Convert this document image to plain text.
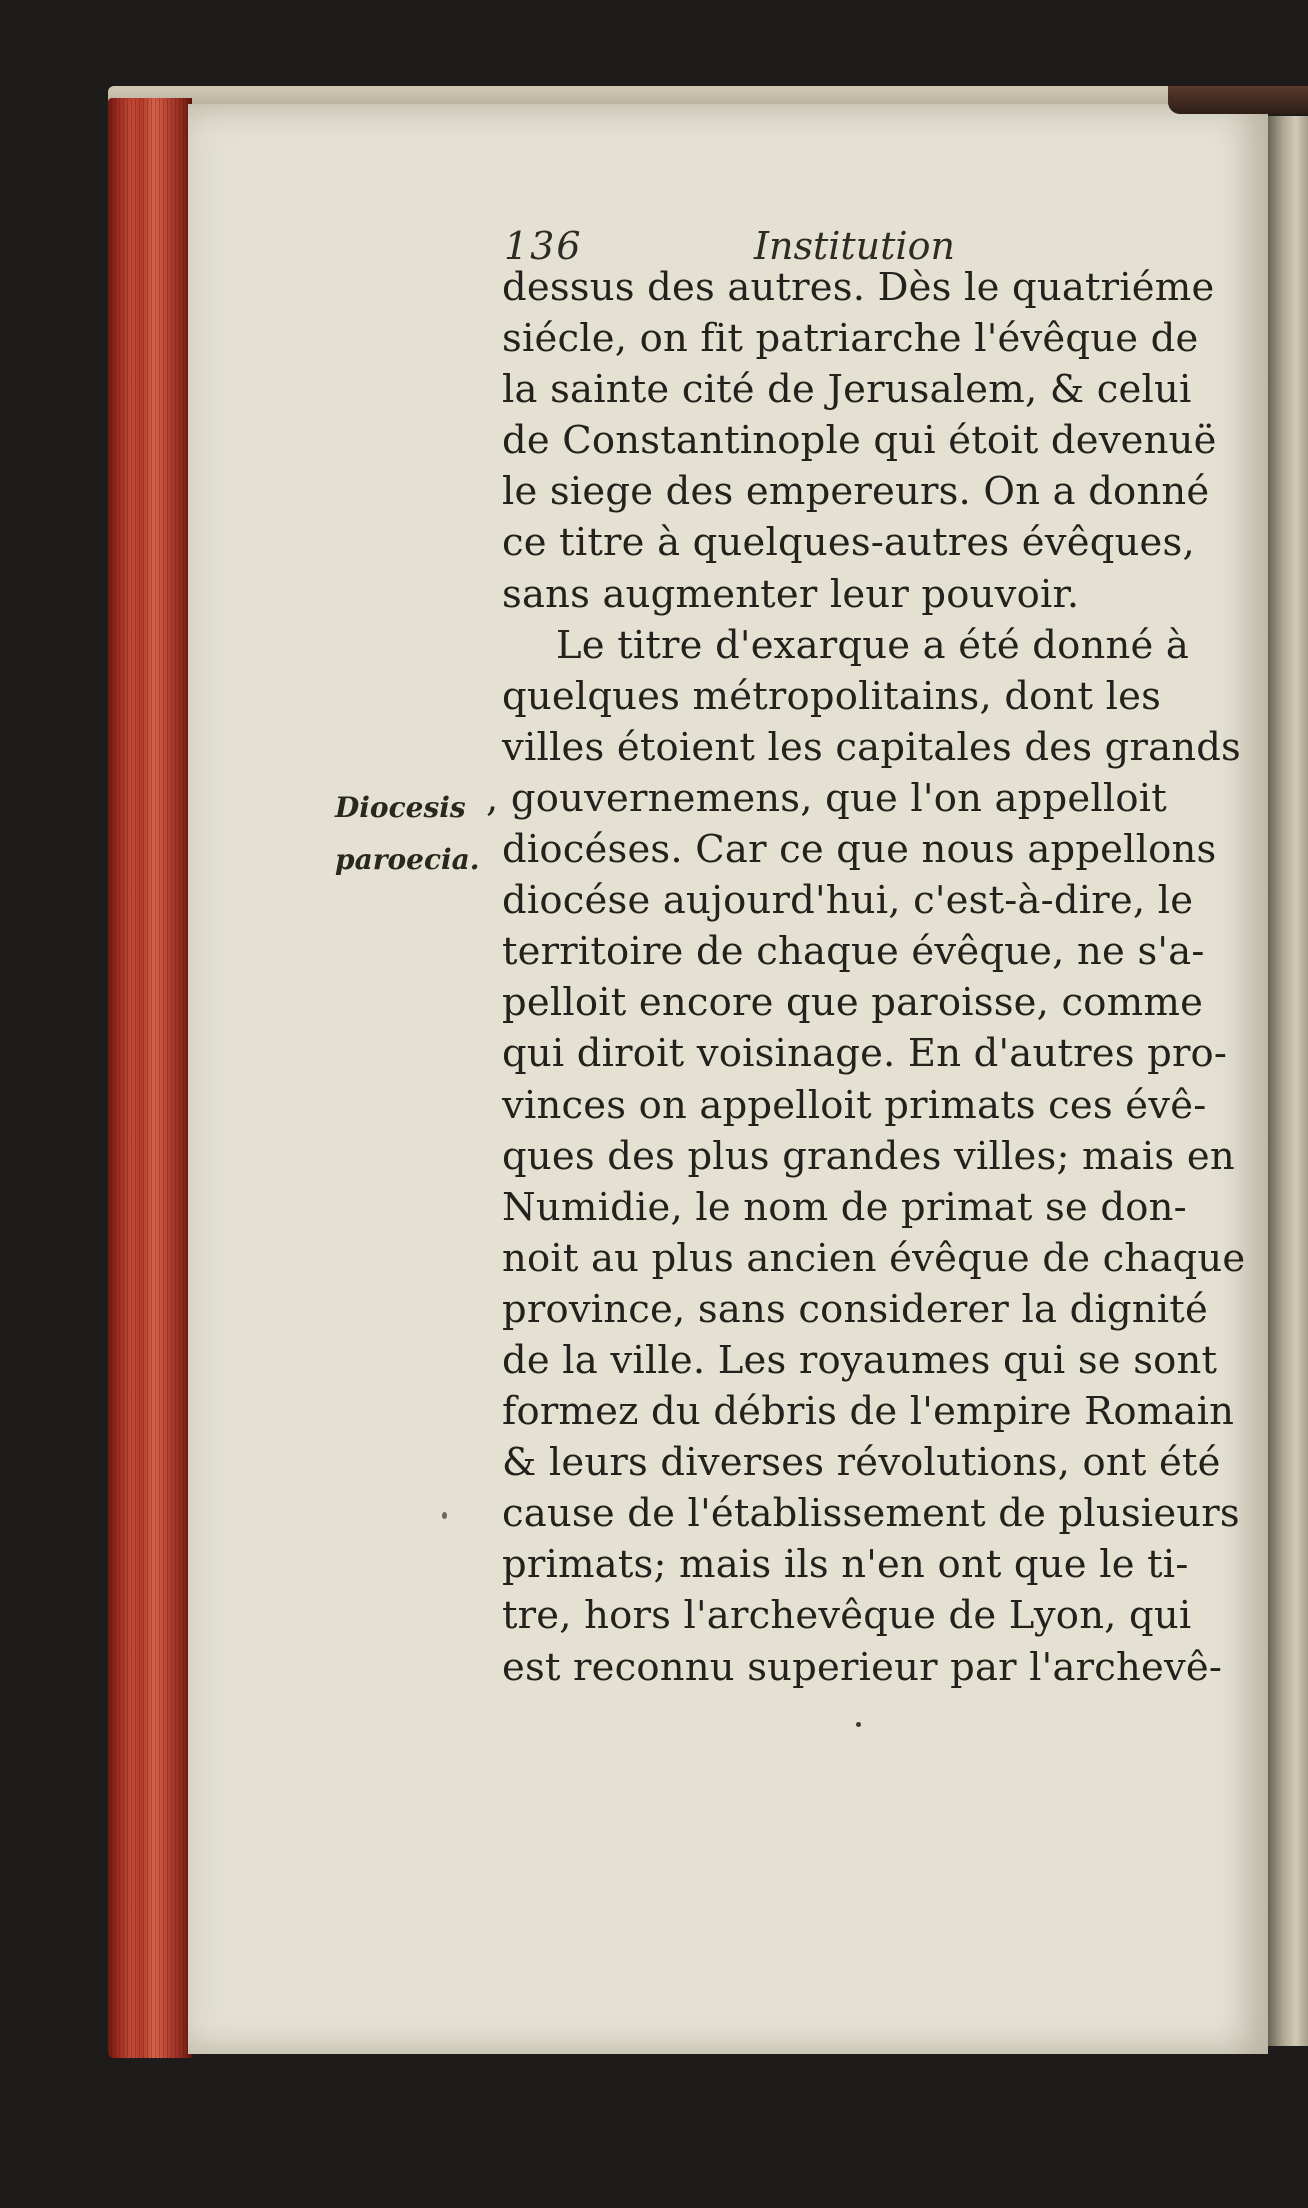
136	Institution
Diocesis
paroecia.
dessus des autres. Dès le quatriéme
siécle, on fit patriarche l'évêque de
la sainte cité de Jerusalem, & celui
de Constantinople qui étoit devenuë
le siege des empereurs. On a donné
ce titre à quelques-autres évêques,
sans augmenter leur pouvoir.
Le titre d'exarque a été donné à
quelques métropolitains, dont les
villes étoient les capitales des grands
, gouvernemens, que l'on appelloit
diocéses. Car ce que nous appellons
diocése aujourd'hui, c'est-à-dire, le
territoire de chaque évêque, ne s'a-
pelloit encore que paroisse, comme
qui diroit voisinage. En d'autres pro-
vinces on appelloit primats ces évê-
ques des plus grandes villes; mais en
Numidie, le nom de primat se don-
noit au plus ancien évêque de chaque
province, sans considerer la dignité
de la ville. Les royaumes qui se sont
formez du débris de l'empire Romain
& leurs diverses révolutions, ont été
cause de l'établissement de plusieurs
primats; mais ils n'en ont que le ti-
tre, hors l'archevêque de Lyon, qui
est reconnu superieur par l'archevê-
